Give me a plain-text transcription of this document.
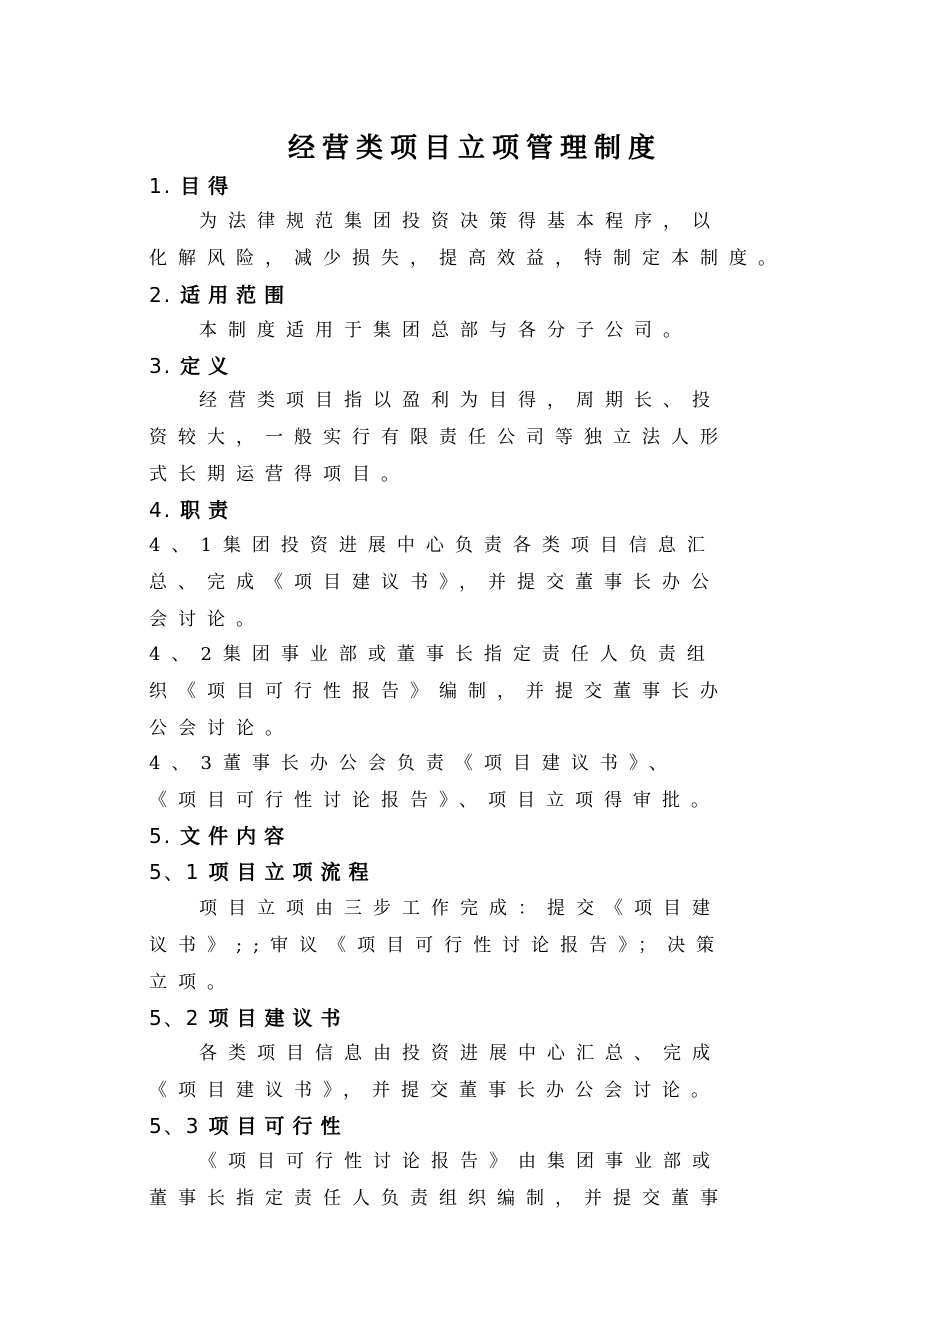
经营类项目立项管理制度
1. 目得
为法律规范集团投资决策得基本程序，以
化解风险，减少损失，提高效益，特制定本制度。
2. 适用范围
本制度适用于集团总部与各分子公司。
3. 定义
经营类项目指以盈利为目得，周期长、投
资较大，一般实行有限责任公司等独立法人形
式长期运营得项目。
4. 职责
4、1集团投资进展中心负责各类项目信息汇
总、完成《项目建议书》，并提交董事长办公
会讨论。
4、2集团事业部或董事长指定责任人负责组
织《项目可行性报告》编制，并提交董事长办
公会讨论。
4、3董事长办公会负责《项目建议书》、
《项目可行性讨论报告》、项目立项得审批。
5. 文件内容
5、1 项目立项流程
项目立项由三步工作完成：提交《项目建
议书》;;审议《项目可行性讨论报告》；决策
立项。
5、2 项目建议书
各类项目信息由投资进展中心汇总、完成
《项目建议书》，并提交董事长办公会讨论。
5、3 项目可行性
《项目可行性讨论报告》由集团事业部或
董事长指定责任人负责组织编制，并提交董事
